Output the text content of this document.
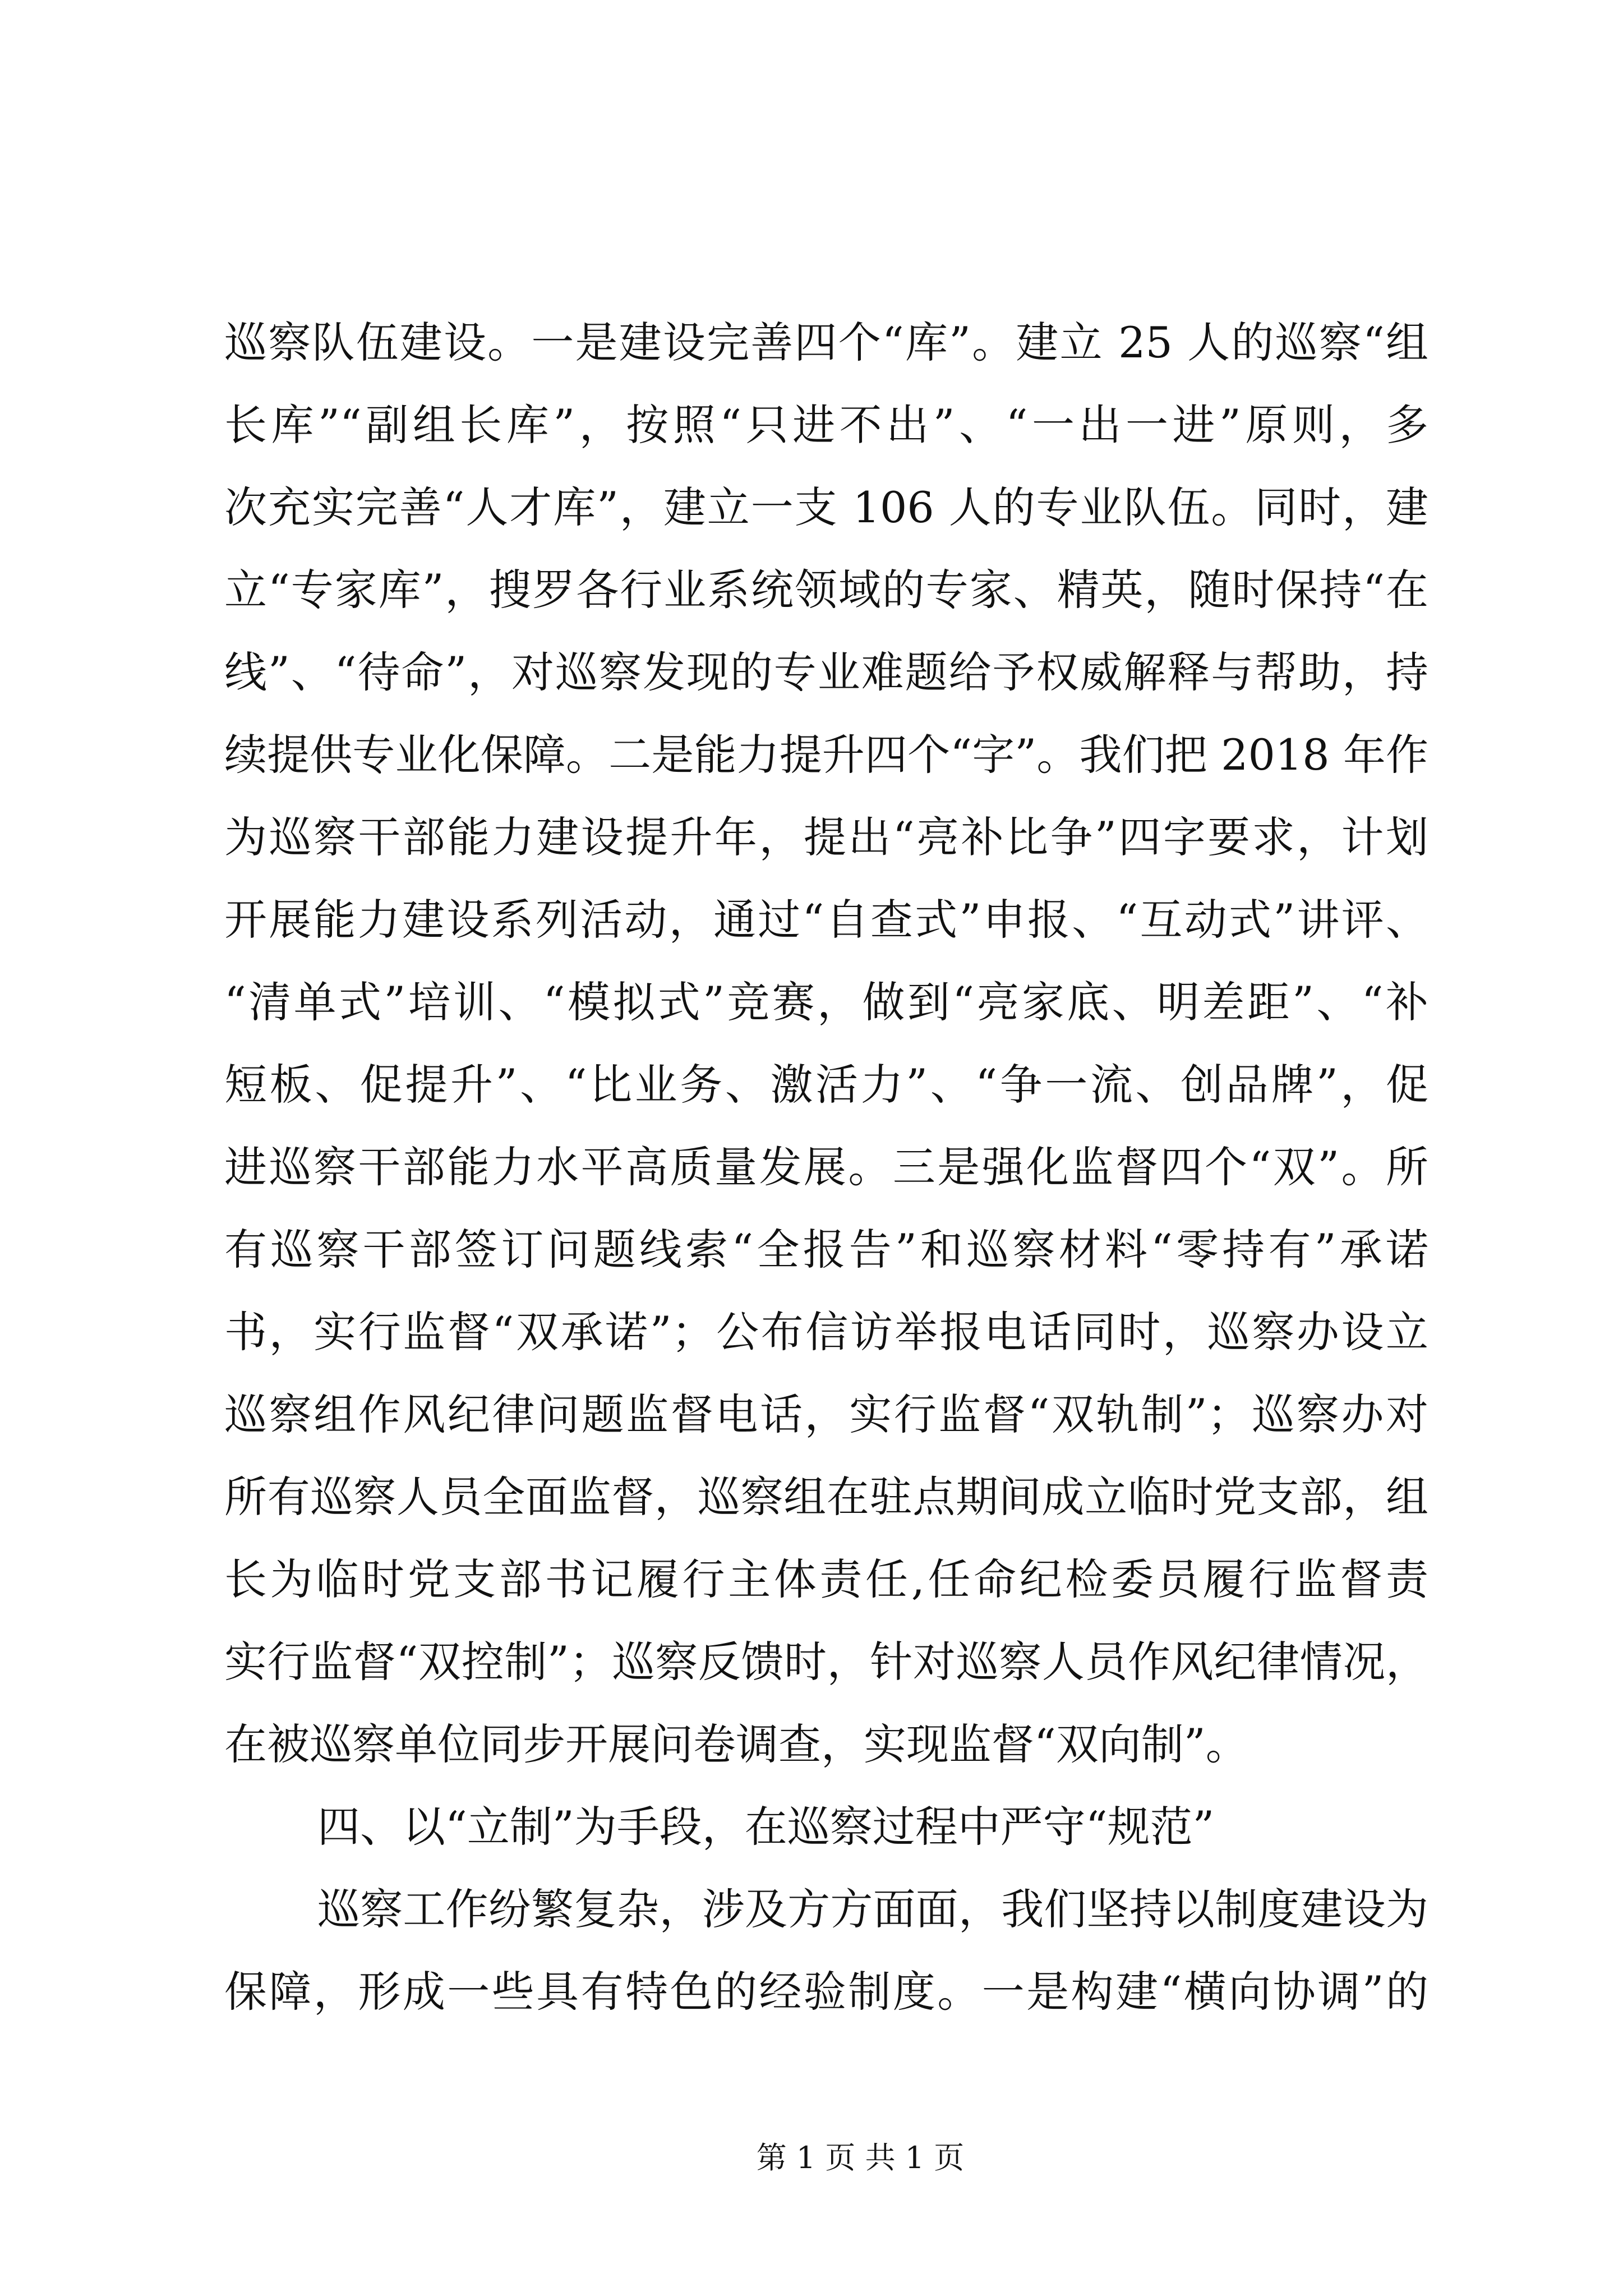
巡察队伍建设。一是建设完善四个“库”。建立 25 人的巡察“组
长库”“副组长库”，按照“只进不出”、“一出一进”原则，多
次充实完善“人才库”，建立一支 106 人的专业队伍。同时，建
立“专家库”，搜罗各行业系统领域的专家、精英，随时保持“在
线”、“待命”，对巡察发现的专业难题给予权威解释与帮助，持
续提供专业化保障。二是能力提升四个“字”。我们把 2018 年作
为巡察干部能力建设提升年，提出“亮补比争”四字要求，计划
开展能力建设系列活动，通过“自查式”申报、“互动式”讲评、
“清单式”培训、“模拟式”竞赛，做到“亮家底、明差距”、“补
短板、促提升”、“比业务、激活力”、“争一流、创品牌”，促
进巡察干部能力水平高质量发展。三是强化监督四个“双”。所
有巡察干部签订问题线索“全报告”和巡察材料“零持有”承诺
书，实行监督“双承诺”；公布信访举报电话同时，巡察办设立
巡察组作风纪律问题监督电话，实行监督“双轨制”；巡察办对
所有巡察人员全面监督，巡察组在驻点期间成立临时党支部，组
长为临时党支部书记履行主体责任,任命纪检委员履行监督责
实行监督“双控制”；巡察反馈时，针对巡察人员作风纪律情况，
在被巡察单位同步开展问卷调查，实现监督“双向制”。
四、以“立制”为手段，在巡察过程中严守“规范”
巡察工作纷繁复杂，涉及方方面面，我们坚持以制度建设为
保障，形成一些具有特色的经验制度。一是构建“横向协调”的
第 1 页 共 1 页
